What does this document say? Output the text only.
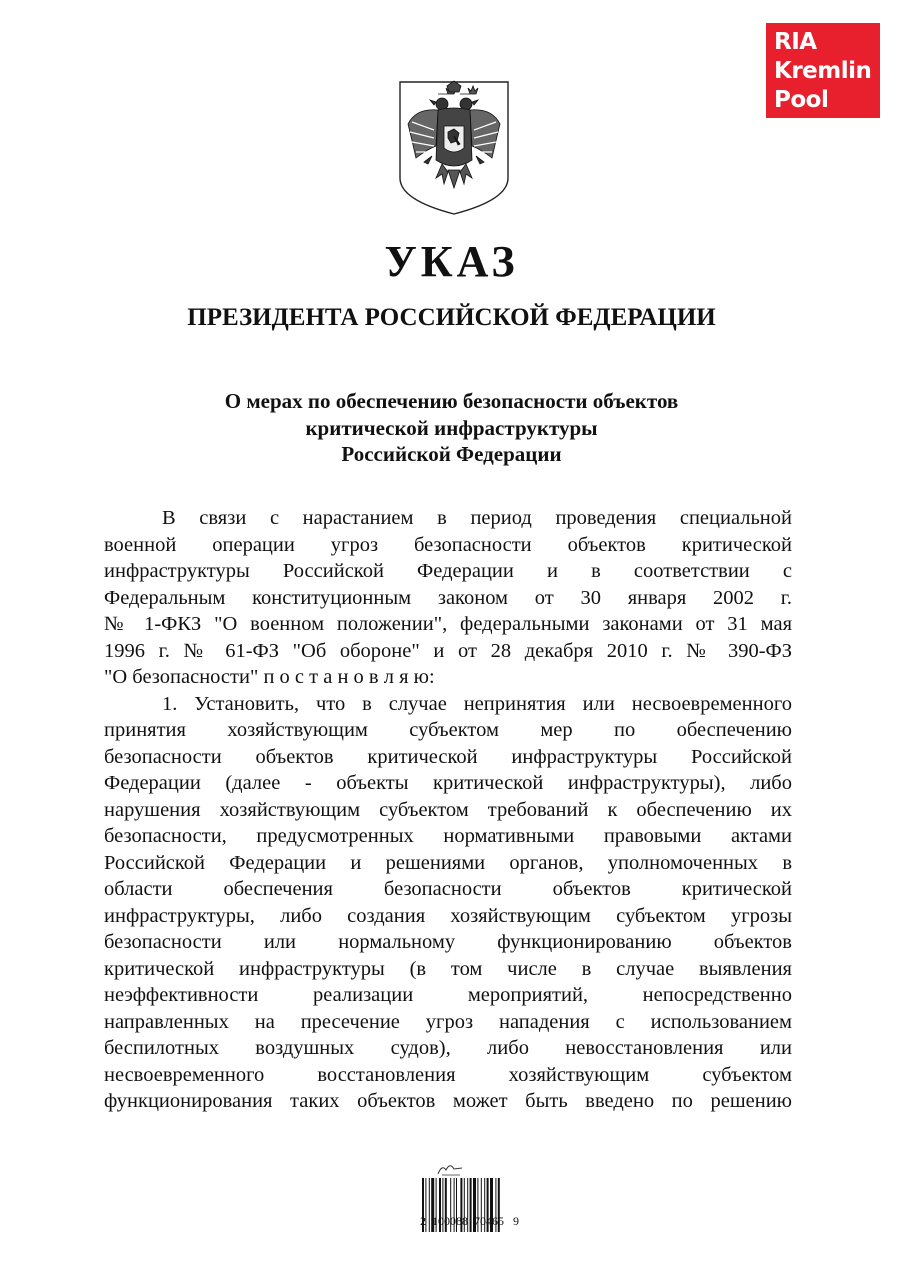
RIA
Kremlin
Pool
УКАЗ
ПРЕЗИДЕНТА РОССИЙСКОЙ ФЕДЕРАЦИИ
О мерах по обеспечению безопасности объектов
критической инфраструктуры
Российской Федерации
В связи с нарастанием в период проведения специальной
военной операции угроз безопасности объектов критической
инфраструктуры Российской Федерации и в соответствии с
Федеральным конституционным законом от 30 января 2002 г.
№ 1-ФКЗ "О военном положении", федеральными законами от 31 мая
1996 г. № 61-ФЗ "Об обороне" и от 28 декабря 2010 г. № 390-ФЗ
"О безопасности" п о с т а н о в л я ю:
1. Установить, что в случае непринятия или несвоевременного
принятия хозяйствующим субъектом мер по обеспечению
безопасности объектов критической инфраструктуры Российской
Федерации (далее - объекты критической инфраструктуры), либо
нарушения хозяйствующим субъектом требований к обеспечению их
безопасности, предусмотренных нормативными правовыми актами
Российской Федерации и решениями органов, уполномоченных в
области обеспечения безопасности объектов критической
инфраструктуры, либо создания хозяйствующим субъектом угрозы
безопасности или нормальному функционированию объектов
критической инфраструктуры (в том числе в случае выявления
неэффективности реализации мероприятий, непосредственно
направленных на пресечение угроз нападения с использованием
беспилотных воздушных судов), либо невосстановления или
несвоевременного восстановления хозяйствующим субъектом
функционирования таких объектов может быть введено по решению
2  100088  70465   9
